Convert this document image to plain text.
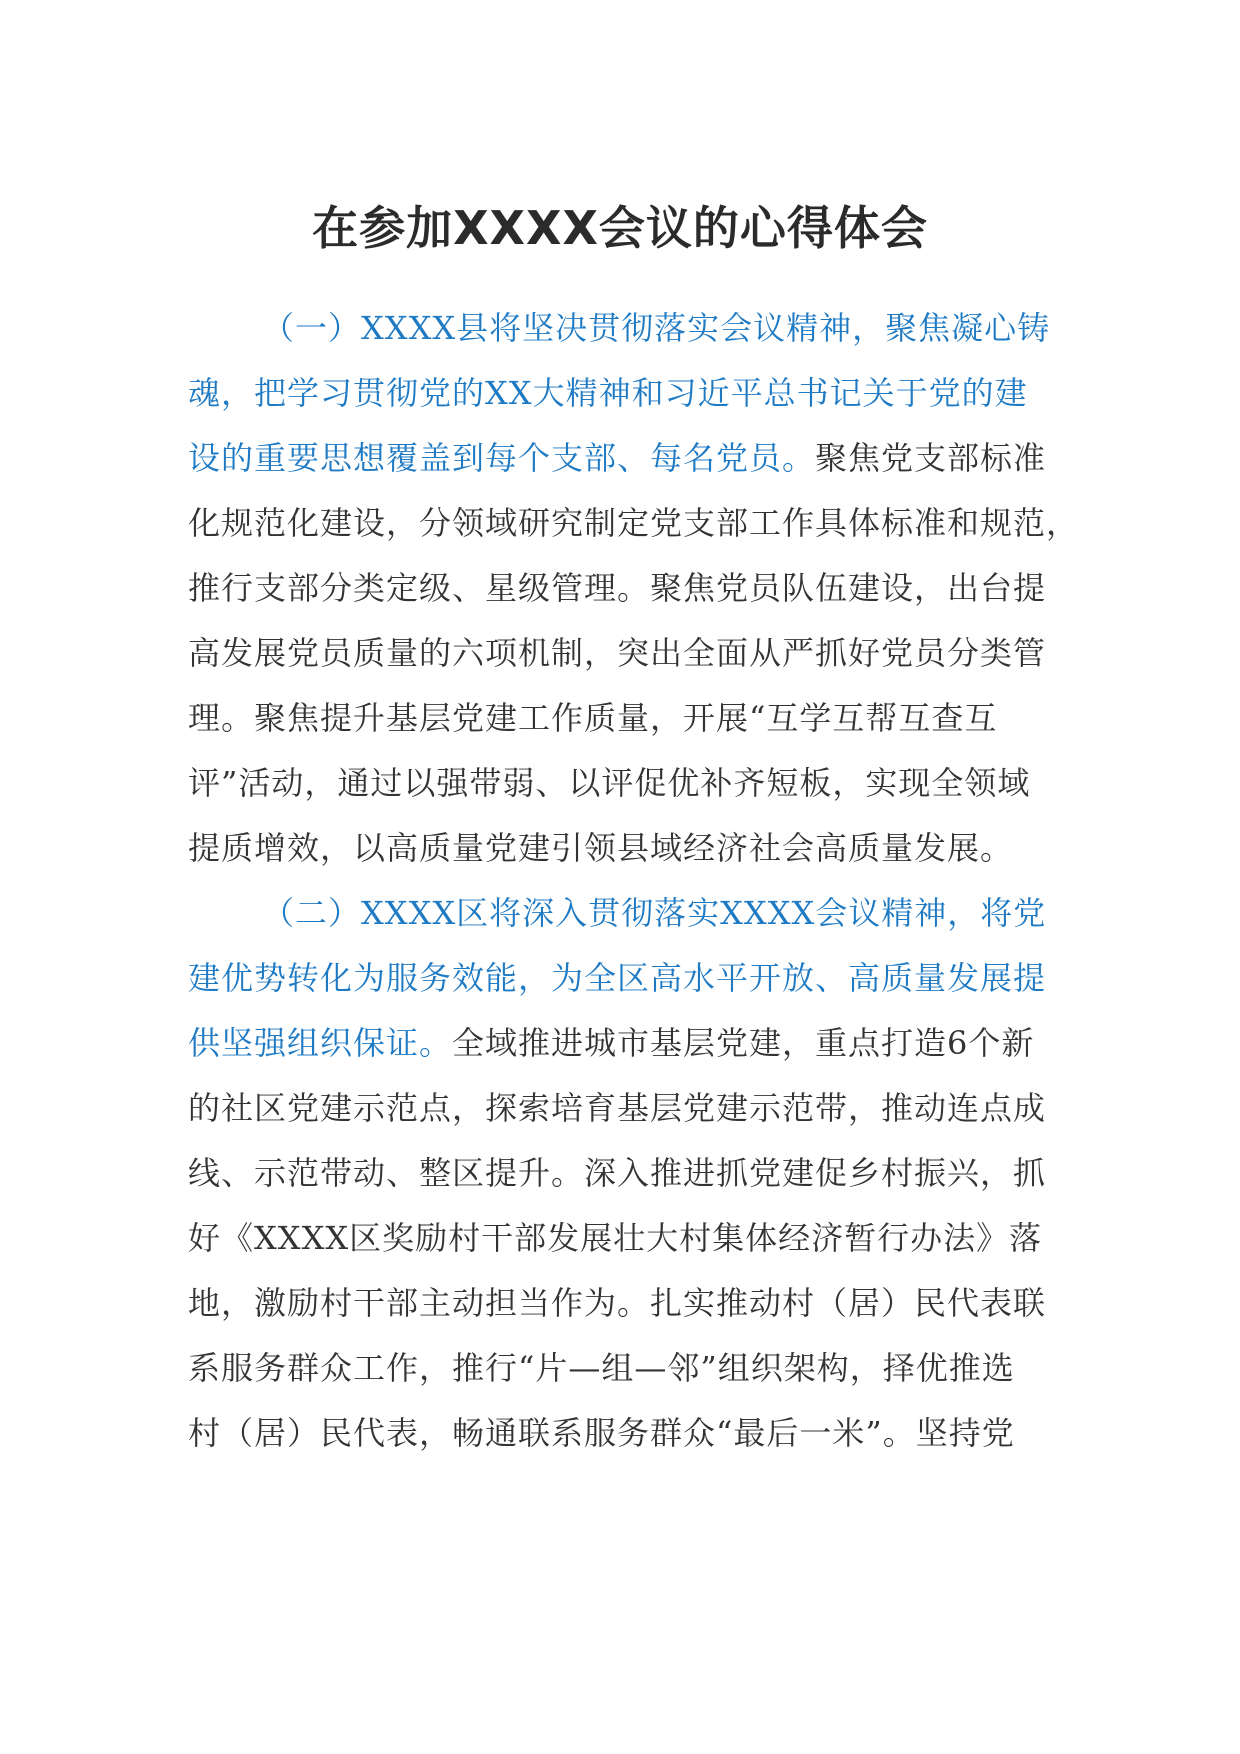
在参加XXXX会议的心得体会
（一）XXXX县将坚决贯彻落实会议精神，聚焦凝心铸
魂，把学习贯彻党的XX大精神和习近平总书记关于党的建
设的重要思想覆盖到每个支部、每名党员。聚焦党支部标准
化规范化建设，分领域研究制定党支部工作具体标准和规范，
推行支部分类定级、星级管理。聚焦党员队伍建设，出台提
高发展党员质量的六项机制，突出全面从严抓好党员分类管
理。聚焦提升基层党建工作质量，开展“互学互帮互查互
评”活动，通过以强带弱、以评促优补齐短板，实现全领域
提质增效，以高质量党建引领县域经济社会高质量发展。
（二）XXXX区将深入贯彻落实XXXX会议精神，将党
建优势转化为服务效能，为全区高水平开放、高质量发展提
供坚强组织保证。全域推进城市基层党建，重点打造6个新
的社区党建示范点，探索培育基层党建示范带，推动连点成
线、示范带动、整区提升。深入推进抓党建促乡村振兴，抓
好《XXXX区奖励村干部发展壮大村集体经济暂行办法》落
地，激励村干部主动担当作为。扎实推动村（居）民代表联
系服务群众工作，推行“片—组—邻”组织架构，择优推选
村（居）民代表，畅通联系服务群众“最后一米”。坚持党
